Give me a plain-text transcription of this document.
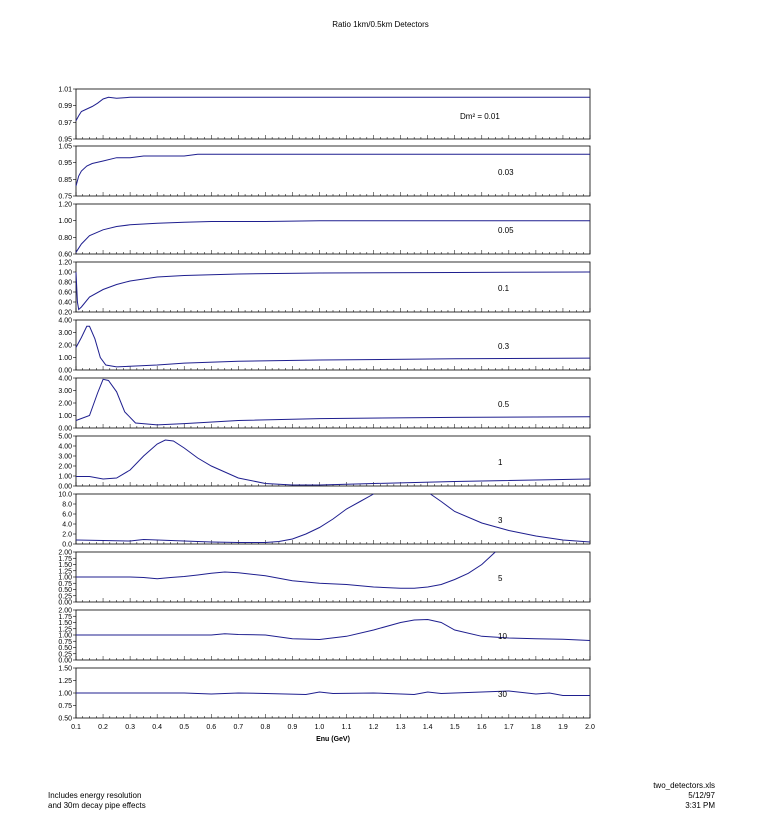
Ratio 1km/0.5km Detectors
0.95
0.97
0.99
1.01
Dm² = 0.01
0.75
0.85
0.95
1.05
0.03
0.60
0.80
1.00
1.20
0.05
0.20
0.40
0.60
0.80
1.00
1.20
0.1
0.00
1.00
2.00
3.00
4.00
0.3
0.00
1.00
2.00
3.00
4.00
0.5
0.00
1.00
2.00
3.00
4.00
5.00
1
0.0
2.0
4.0
6.0
8.0
10.0
3
0.00
0.25
0.50
0.75
1.00
1.25
1.50
1.75
2.00
5
0.00
0.25
0.50
0.75
1.00
1.25
1.50
1.75
2.00
10
0.50
0.75
1.00
1.25
1.50
30
0.1 0.2 0.3 0.4 0.5 0.6 0.7 0.8 0.9 1.0 1.1 1.2 1.3 1.4 1.5 1.6 1.7 1.8 1.9 2.0
Enu (GeV)
Includes energy resolution
and 30m decay pipe effects
two_detectors.xls
5/12/97
3:31 PM
